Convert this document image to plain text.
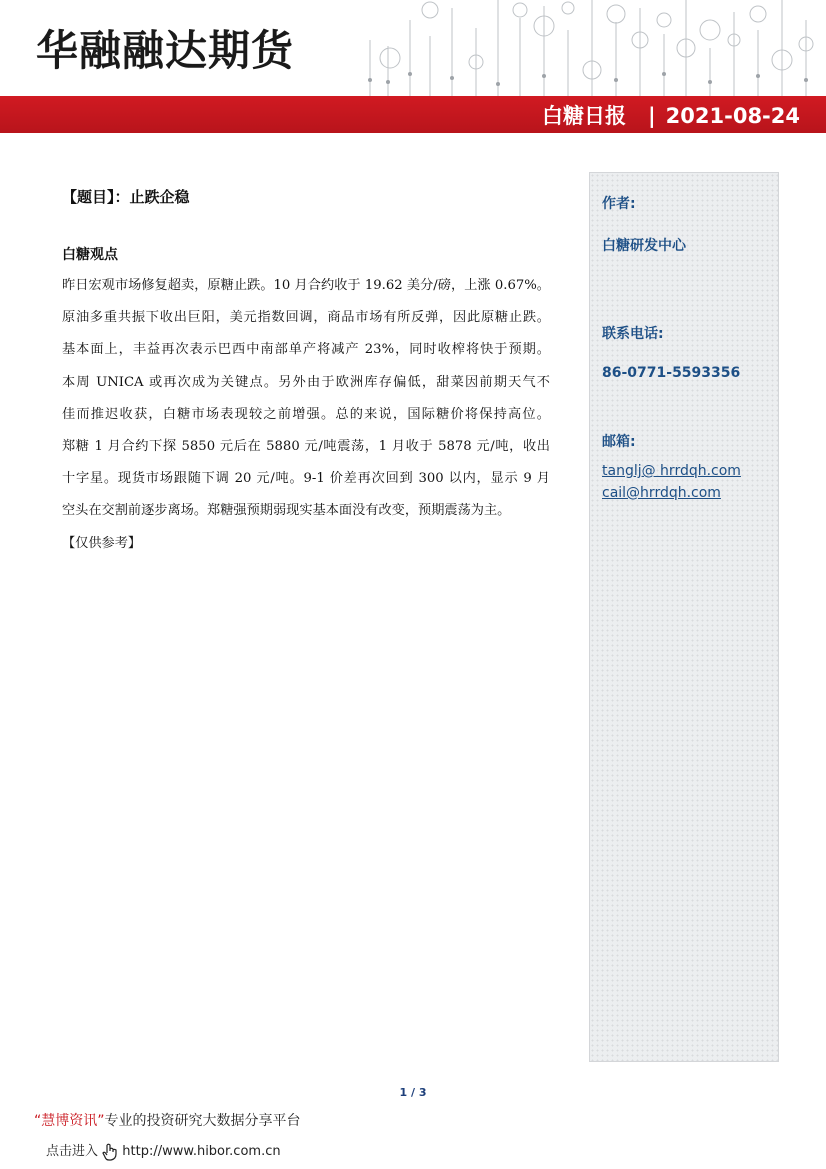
华融融达期货
白糖日报 | 2021-08-24
【题目】：止跌企稳
白糖观点
昨日宏观市场修复超卖，原糖止跌。10 月合约收于 19.62 美分/磅，上涨 0.67%。
原油多重共振下收出巨阳，美元指数回调，商品市场有所反弹，因此原糖止跌。
基本面上，丰益再次表示巴西中南部单产将减产 23%，同时收榨将快于预期。
本周 UNICA 或再次成为关键点。另外由于欧洲库存偏低，甜菜因前期天气不
佳而推迟收获，白糖市场表现较之前增强。总的来说，国际糖价将保持高位。
郑糖 1 月合约下探 5850 元后在 5880 元/吨震荡，1 月收于 5878 元/吨，收出
十字星。现货市场跟随下调 20 元/吨。9-1 价差再次回到 300 以内，显示 9 月
空头在交割前逐步离场。郑糖强预期弱现实基本面没有改变，预期震荡为主。
【仅供参考】
作者:
白糖研发中心
联系电话:
86-0771-5593356
邮箱:
tanglj@ hrrdqh.com
cail@hrrdqh.com
1 / 3
“慧博资讯”专业的投资研究大数据分享平台
点击进入 http://www.hibor.com.cn
